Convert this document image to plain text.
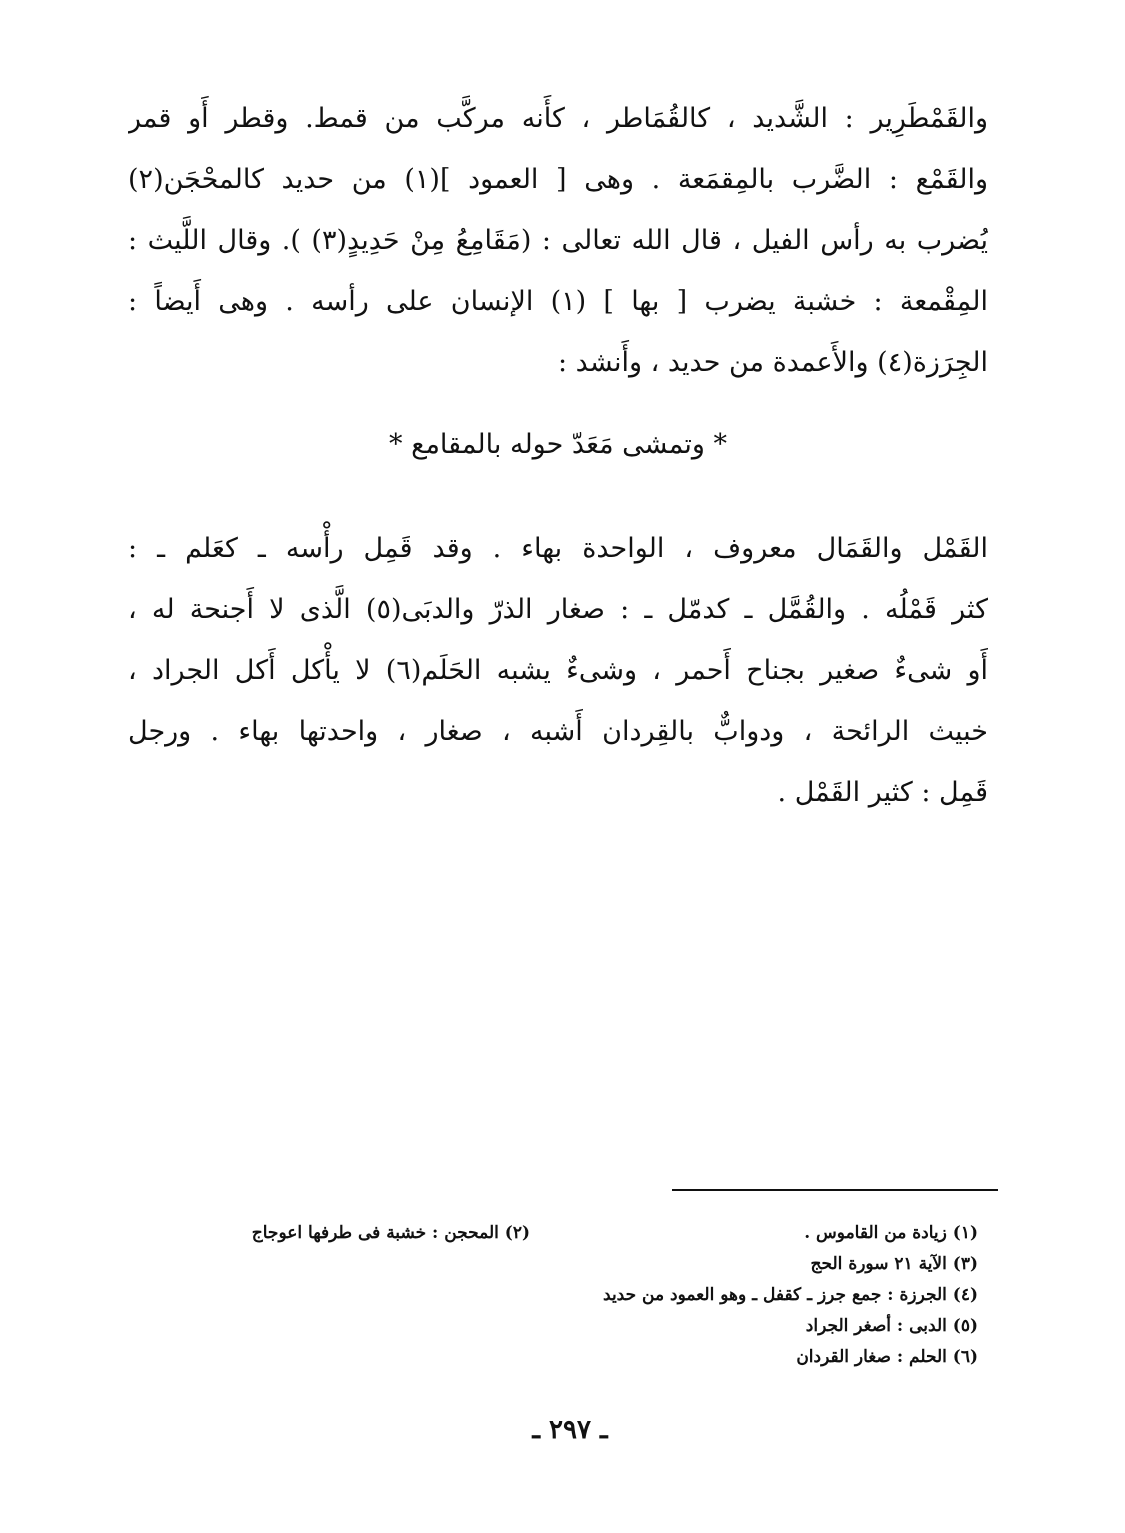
والقَمْطَرِير : الشَّديد ، كالقُمَاطر ، كأَنه مركَّب من قمط. وقطر أَو قمر
والقَمْع : الضَّرب بالمِقمَعة . وهى [ العمود ](١) من حديد كالمحْجَن(٢)
يُضرب به رأس الفيل ، قال الله تعالى : (مَقَامِعُ مِنْ حَدِيدٍ(٣) ). وقال اللَّيث :
المِقْمعة : خشبة يضرب [ بها ] (١) الإنسان على رأسه . وهى أَيضاً :
الجِرَزة(٤) والأَعمدة من حديد ، وأَنشد :
* وتمشى مَعَدّ حوله بالمقامع *
القَمْل والقَمَال معروف ، الواحدة بهاء . وقد قَمِل رأْسه ـ كعَلم ـ :
كثر قَمْلُه . والقُمَّل ـ كدمّل ـ : صغار الذرّ والدبَى(٥) الَّذى لا أَجنحة له ،
أَو شىءٌ صغير بجناح أَحمر ، وشىءٌ يشبه الحَلَم(٦) لا يأْكل أَكل الجراد ،
خبيث الرائحة ، ودوابٌّ بالقِردان أَشبه ، صغار ، واحدتها بهاء . ورجل
قَمِل : كثير القَمْل .
(١) زيادة من القاموس .
(٣) الآية ٢١ سورة الحج
(٤) الجرزة : جمع جرز ـ كقفل ـ وهو العمود من حديد
(٥) الدبى : أصغر الجراد
(٦) الحلم : صغار القردان
(٢) المحجن : خشبة فى طرفها اعوجاج
ـ ٢٩٧ ـ
